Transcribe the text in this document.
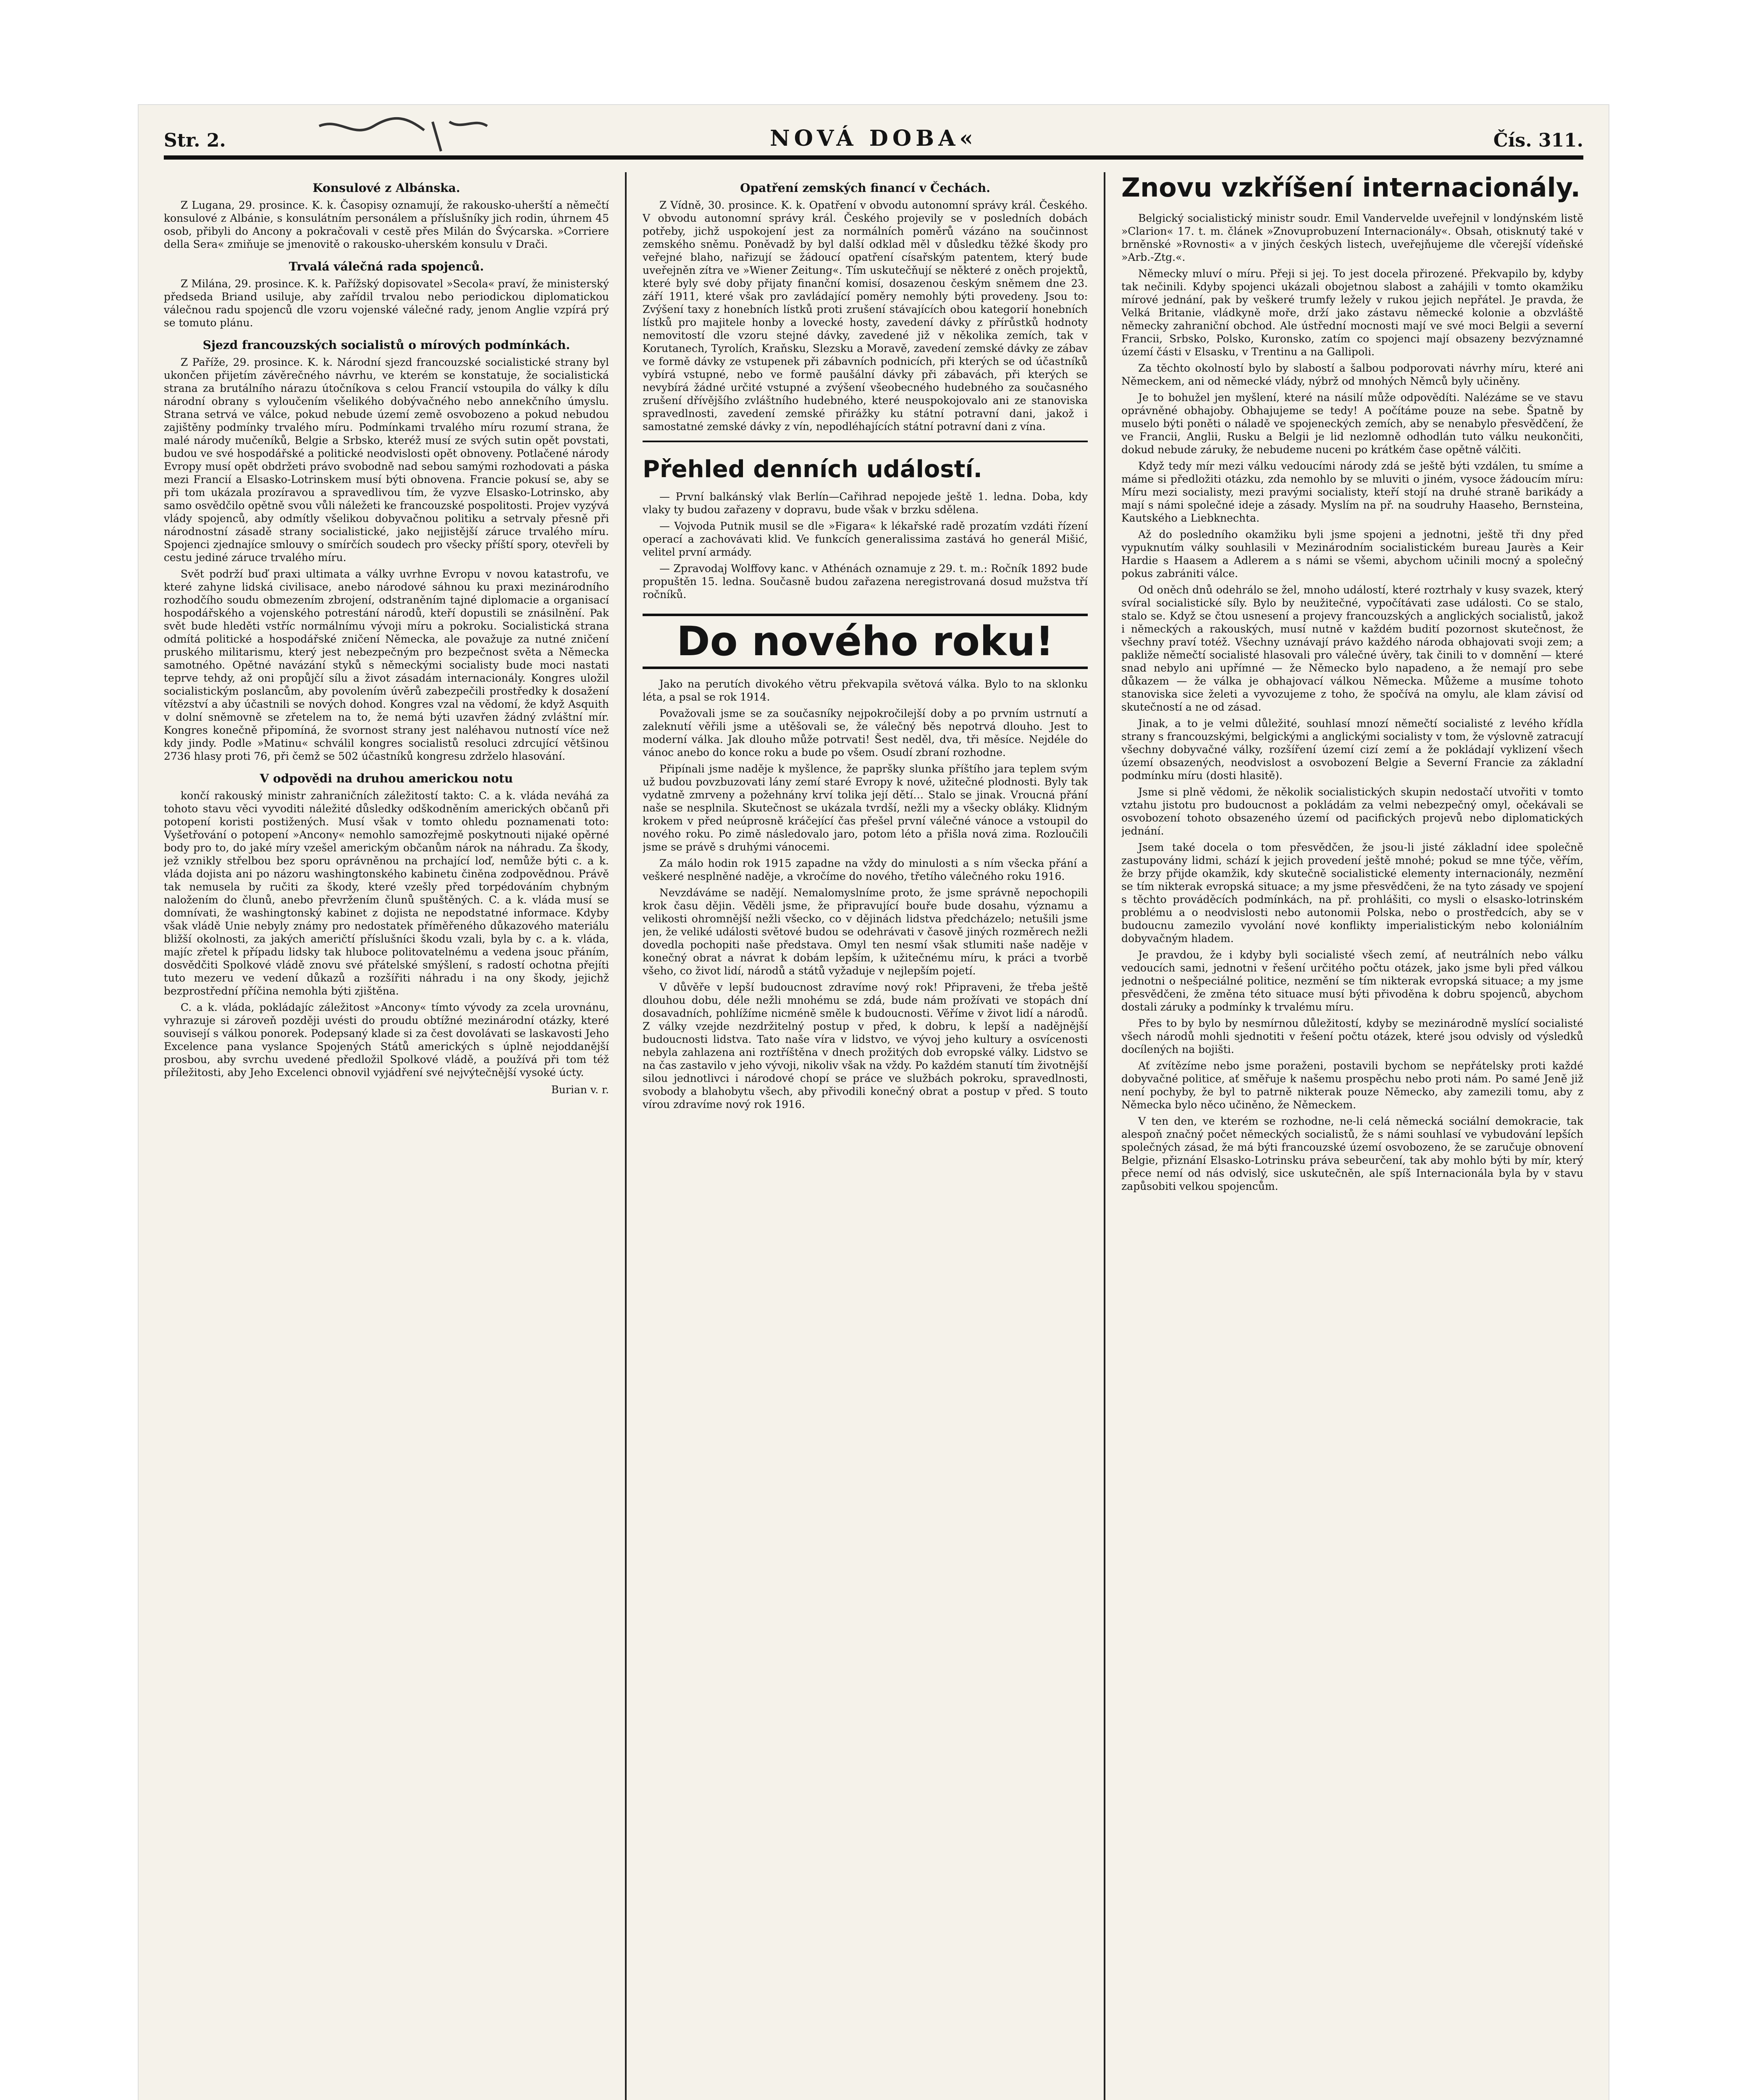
Str. 2.	NOVÁ DOBA«	Čís. 311.
Konsulové z Albánska.

Z Lugana, 29. prosince. K. k. Časopisy oznamují, že rakousko-uherští a němečtí konsulové z Albánie, s konsulátním personálem a příslušníky jich rodin, úhrnem 45 osob, přibyli do Ancony a pokračovali v cestě přes Milán do Švýcarska. »Corriere della Sera« zmiňuje se jmenovitě o rakousko-uherském konsulu v Drači.

Trvalá válečná rada spojenců.

Z Milána, 29. prosince. K. k. Pařížský dopisovatel »Secola« praví, že ministerský předseda Briand usiluje, aby zařídil trvalou nebo periodickou diplomatickou válečnou radu spojenců dle vzoru vojenské válečné rady, jenom Anglie vzpírá prý se tomuto plánu.

Sjezd francouzských socialistů o mírových podmínkách.

Z Paříže, 29. prosince. K. k. Národní sjezd francouzské socialistické strany byl ukončen přijetím závěrečného návrhu, ve kterém se konstatuje, že socialistická strana za brutálního nárazu útočníkova s celou Francií vstoupila do války k dílu národní obrany s vyloučením všelikého dobývačného nebo annekčního úmyslu. Strana setrvá ve válce, pokud nebude území země osvobozeno a pokud nebudou zajištěny podmínky trvalého míru. Podmínkami trvalého míru rozumí strana, že malé národy mučeníků, Belgie a Srbsko, kteréž musí ze svých sutin opět povstati, budou ve své hospodářské a politické neodvislosti opět obnoveny. Potlačené národy Evropy musí opět obdržeti právo svobodně nad sebou samými rozhodovati a páska mezi Francií a Elsasko-Lotrinskem musí býti obnovena. Francie pokusí se, aby se při tom ukázala prozíravou a spravedlivou tím, že vyzve Elsasko-Lotrinsko, aby samo osvědčilo opětně svou vůli náležeti ke francouzské pospolitosti. Projev vyzývá vlády spojenců, aby odmítly všelikou dobyvačnou politiku a setrvaly přesně při národnostní zásadě strany socialistické, jako nejjistější záruce trvalého míru. Spojenci zjednajíce smlouvy o smírčích soudech pro všecky příští spory, otevřeli by cestu jediné záruce trvalého míru.

Svět podrží buď praxi ultimata a války uvrhne Evropu v novou katastrofu, ve které zahyne lidská civilisace, anebo národové sáhnou ku praxi mezinárodního rozhodčího soudu obmezením zbrojení, odstraněním tajné diplomacie a organisací hospodářského a vojenského potrestání národů, kteří dopustili se znásilnění. Pak svět bude hleděti vstříc normálnímu vývoji míru a pokroku. Socialistická strana odmítá politické a hospodářské zničení Německa, ale považuje za nutné zničení pruského militarismu, který jest nebezpečným pro bezpečnost světa a Německa samotného. Opětné navázání styků s německými socialisty bude moci nastati teprve tehdy, až oni propůjčí sílu a život zásadám internacionály. Kongres uložil socialistickým poslancům, aby povolením úvěrů zabezpečili prostředky k dosažení vítězství a aby účastnili se nových dohod. Kongres vzal na vědomí, že když Asquith v dolní sněmovně se zřetelem na to, že nemá býti uzavřen žádný zvláštní mír. Kongres konečně připomíná, že svornost strany jest naléhavou nutností více než kdy jindy. Podle »Matinu« schválil kongres socialistů resoluci zdrcující většinou 2736 hlasy proti 76, při čemž se 502 účastníků kongresu zdrželo hlasování.

V odpovědi na druhou americkou notu

končí rakouský ministr zahraničních záležitostí takto: C. a k. vláda neváhá za tohoto stavu věci vyvoditi náležité důsledky odškodněním amerických občanů při potopení koristi postižených. Musí však v tomto ohledu poznamenati toto: Vyšetřování o potopení »Ancony« nemohlo samozřejmě poskytnouti nijaké opěrné body pro to, do jaké míry vzešel americkým občanům nárok na náhradu. Za škody, jež vznikly střelbou bez sporu oprávněnou na prchající loď, nemůže býti c. a k. vláda dojista ani po názoru washingtonského kabinetu činěna zodpovědnou. Právě tak nemusela by ručiti za škody, které vzešly před torpédováním chybným naložením do člunů, anebo převržením člunů spuštěných. C. a k. vláda musí se domnívati, že washingtonský kabinet z dojista ne nepodstatné informace. Kdyby však vládě Unie nebyly známy pro nedostatek příměřeného důkazového materiálu bližší okolnosti, za jakých američtí příslušníci škodu vzali, byla by c. a k. vláda, majíc zřetel k případu lidsky tak hluboce politovatelnému a vedena jsouc přáním, dosvědčiti Spolkové vládě znovu své přátelské smýšlení, s radostí ochotna přejíti tuto mezeru ve vedení důkazů a rozšířiti náhradu i na ony škody, jejichž bezprostřední příčina nemohla býti zjištěna.

C. a k. vláda, pokládajíc záležitost »Ancony« tímto vývody za zcela urovnánu, vyhrazuje si zároveň později uvésti do proudu obtížné mezinárodní otázky, které souvisejí s válkou ponorek. Podepsaný klade si za čest dovolávati se laskavosti Jeho Excelence pana vyslance Spojených Států amerických s úplně nejoddanější prosbou, aby svrchu uvedené předložil Spolkové vládě, a používá při tom též příležitosti, aby Jeho Excelenci obnovil vyjádření své nejvýtečnější vysoké úcty.

Burian v. r.
Opatření zemských financí v Čechách.

Z Vídně, 30. prosince. K. k. Opatření v obvodu autonomní správy král. Českého. V obvodu autonomní správy král. Českého projevily se v posledních dobách potřeby, jichž uspokojení jest za normálních poměrů vázáno na součinnost zemského sněmu. Poněvadž by byl další odklad měl v důsledku těžké škody pro veřejné blaho, nařizují se žádoucí opatření císařským patentem, který bude uveřejněn zítra ve »Wiener Zeitung«. Tím uskutečňují se některé z oněch projektů, které byly své doby přijaty finanční komisí, dosazenou českým sněmem dne 23. září 1911, které však pro zavládající poměry nemohly býti provedeny. Jsou to: Zvýšení taxy z honebních lístků proti zrušení stávajících obou kategorií honebních lístků pro majitele honby a lovecké hosty, zavedení dávky z přírůstků hodnoty nemovitostí dle vzoru stejné dávky, zavedené již v několika zemích, tak v Korutanech, Tyrolích, Kraňsku, Slezsku a Moravě, zavedení zemské dávky ze zábav ve formě dávky ze vstupenek při zábavních podnicích, při kterých se od účastníků vybírá vstupné, nebo ve formě paušální dávky při zábavách, při kterých se nevybírá žádné určité vstupné a zvýšení všeobecného hudebného za současného zrušení dřívějšího zvláštního hudebného, které neuspokojovalo ani ze stanoviska spravedlnosti, zavedení zemské přirážky ku státní potravní dani, jakož i samostatné zemské dávky z vín, nepodléhajících státní potravní dani z vína.

Přehled denních událostí.

— První balkánský vlak Berlín—Cařihrad nepojede ještě 1. ledna. Doba, kdy vlaky ty budou zařazeny v dopravu, bude však v brzku sdělena.

— Vojvoda Putnik musil se dle »Figara« k lékařské radě prozatím vzdáti řízení operací a zachovávati klid. Ve funkcích generalissima zastává ho generál Mišić, velitel první armády.

— Zpravodaj Wolffovy kanc. v Athénách oznamuje z 29. t. m.: Ročník 1892 bude propuštěn 15. ledna. Současně budou zařazena neregistrovaná dosud mužstva tří ročníků.

Do nového roku!

Jako na perutích divokého větru překvapila světová válka. Bylo to na sklonku léta, a psal se rok 1914.

Považovali jsme se za současníky nejpokročilejší doby a po prvním ustrnutí a zaleknutí věřili jsme a utěšovali se, že válečný běs nepotrvá dlouho. Jest to moderní válka. Jak dlouho může potrvati! Šest neděl, dva, tři měsíce. Nejdéle do vánoc anebo do konce roku a bude po všem. Osudí zbraní rozhodne.

Připínali jsme naděje k myšlence, že papršky slunka příštího jara teplem svým už budou povzbuzovati lány zemí staré Evropy k nové, užitečné plodnosti. Byly tak vydatně zmrveny a požehnány krví tolika její dětí… Stalo se jinak. Vroucná přání naše se nesplnila. Skutečnost se ukázala tvrdší, nežli my a všecky obláky. Klidným krokem v před neúprosně kráčející čas přešel první válečné vánoce a vstoupil do nového roku. Po zimě následovalo jaro, potom léto a přišla nová zima. Rozloučili jsme se právě s druhými vánocemi.

Za málo hodin rok 1915 zapadne na vždy do minulosti a s ním všecka přání a veškeré nesplněné naděje, a vkročíme do nového, třetího válečného roku 1916.

Nevzdáváme se nadějí. Nemalomyslníme proto, že jsme správně nepochopili krok času dějin. Věděli jsme, že připravující bouře bude dosahu, významu a velikosti ohromnější nežli všecko, co v dějinách lidstva předcházelo; netušili jsme jen, že veliké události světové budou se odehrávati v časově jiných rozměrech nežli dovedla pochopiti naše představa. Omyl ten nesmí však stlumiti naše naděje v konečný obrat a návrat k dobám lepším, k užitečnému míru, k práci a tvorbě všeho, co život lidí, národů a států vyžaduje v nejlepším pojetí.

V důvěře v lepší budoucnost zdravíme nový rok! Připraveni, že třeba ještě dlouhou dobu, déle nežli mnohému se zdá, bude nám prožívati ve stopách dní dosavadních, pohlížíme nicméně směle k budoucnosti. Věříme v život lidí a národů. Z války vzejde nezdržitelný postup v před, k dobru, k lepší a nadějnější budoucnosti lidstva. Tato naše víra v lidstvo, ve vývoj jeho kultury a osvícenosti nebyla zahlazena ani roztříštěna v dnech prožitých dob evropské války. Lidstvo se na čas zastavilo v jeho vývoji, nikoliv však na vždy. Po každém stanutí tím životnější silou jednotlivci i národové chopí se práce ve službách pokroku, spravedlnosti, svobody a blahobytu všech, aby přivodili konečný obrat a postup v před. S touto vírou zdravíme nový rok 1916.

Znovu vzkříšení internacionály.

Belgický socialistický ministr soudr. Emil Vandervelde uveřejnil v londýnském listě »Clarion« 17. t. m. článek »Znovuprobuzení Internacionály«. Obsah, otisknutý také v brněnské »Rovnosti« a v jiných českých listech, uveřejňujeme dle včerejší vídeňské »Arb.-Ztg.«.

Německy mluví o míru. Přeji si jej. To jest docela přirozené. Překvapilo by, kdyby tak nečinili. Kdyby spojenci ukázali obojetnou slabost a zahájili v tomto okamžiku mírové jednání, pak by veškeré trumfy ležely v rukou jejich nepřátel. Je pravda, že Velká Britanie, vládkyně moře, drží jako zástavu německé kolonie a obzvláště německy zahraniční obchod. Ale ústřední mocnosti mají ve své moci Belgii a severní Francii, Srbsko, Polsko, Kuronsko, zatím co spojenci mají obsazeny bezvýznamné území části v Elsasku, v Trentinu a na Gallipoli.

Za těchto okolností bylo by slabostí a šalbou podporovati návrhy míru, které ani Německem, ani od německé vlády, nýbrž od mnohých Němců byly učiněny.

Je to bohužel jen myšlení, které na násilí může odpovědíti. Nalézáme se ve stavu oprávněné obhajoby. Obhajujeme se tedy! A počítáme pouze na sebe. Špatně by muselo býti poněti o náladě ve spojeneckých zemích, aby se nenabylo přesvědčení, že ve Francii, Anglii, Rusku a Belgii je lid nezlomně odhodlán tuto válku neukončiti, dokud nebude záruky, že nebudeme nuceni po krátkém čase opětně válčiti.

Když tedy mír mezi válku vedoucími národy zdá se ještě býti vzdálen, tu smíme a máme si předložiti otázku, zda nemohlo by se mluviti o jiném, vysoce žádoucím míru: Míru mezi socialisty, mezi pravými socialisty, kteří stojí na druhé straně barikády a mají s námi společné ideje a zásady. Myslím na př. na soudruhy Haaseho, Bernsteina, Kautského a Liebknechta.

Až do posledního okamžiku byli jsme spojeni a jednotni, ještě tři dny před vypuknutím války souhlasili v Mezinárodním socialistickém bureau Jaurès a Keir Hardie s Haasem a Adlerem a s námi se všemi, abychom učinili mocný a společný pokus zabrániti válce.

Od oněch dnů odehrálo se žel, mnoho událostí, které roztrhaly v kusy svazek, který svíral socialistické síly. Bylo by neužitečné, vypočítávati zase události. Co se stalo, stalo se. Když se čtou usnesení a projevy francouzských a anglických socialistů, jakož i německých a rakouských, musí nutně v každém budití pozornost skutečnost, že všechny praví totéž. Všechny uznávají právo každého národa obhajovati svoji zem; a pakliže němečtí socialisté hlasovali pro válečné úvěry, tak činili to v domnění — které snad nebylo ani upřímné — že Německo bylo napadeno, a že nemají pro sebe důkazem — že válka je obhajovací válkou Německa. Můžeme a musíme tohoto stanoviska sice želeti a vyvozujeme z toho, že spočívá na omylu, ale klam závisí od skutečností a ne od zásad.

Jinak, a to je velmi důležité, souhlasí mnozí němečtí socialisté z levého křídla strany s francouzskými, belgickými a anglickými socialisty v tom, že výslovně zatracují všechny dobyvačné války, rozšíření území cizí zemí a že pokládají vyklizení všech území obsazených, neodvislost a osvobození Belgie a Severní Francie za základní podmínku míru (dosti hlasitě).

Jsme si plně vědomi, že několik socialistických skupin nedostačí utvořiti v tomto vztahu jistotu pro budoucnost a pokládám za velmi nebezpečný omyl, očekávali se osvobození tohoto obsazeného území od pacifických projevů nebo diplomatických jednání.

Jsem také docela o tom přesvědčen, že jsou-li jisté základní idee společně zastupovány lidmi, schází k jejich provedení ještě mnohé; pokud se mne týče, věřím, že brzy přijde okamžik, kdy skutečně socialistické elementy internacionály, nezmění se tím nikterak evropská situace; a my jsme přesvědčeni, že na tyto zásady ve spojení s těchto prováděcích podmínkách, na př. prohlášiti, co mysli o elsasko-lotrinském problému a o neodvislosti nebo autonomii Polska, nebo o prostředcích, aby se v budoucnu zamezilo vyvolání nové konflikty imperialistickým nebo koloniálním dobyvačným hladem.

Je pravdou, že i kdyby byli socialisté všech zemí, ať neutrálních nebo válku vedoucích sami, jednotni v řešení určitého počtu otázek, jako jsme byli před válkou jednotni o nešpeciálné politice, nezmění se tím nikterak evropská situace; a my jsme přesvědčeni, že změna této situace musí býti přivoděna k dobru spojenců, abychom dostali záruky a podmínky k trvalému míru.

Přes to by bylo by nesmírnou důležitostí, kdyby se mezinárodně myslící socialisté všech národů mohli sjednotiti v řešení počtu otázek, které jsou odvisly od výsledků docílených na bojišti.

Ať zvítězíme nebo jsme poraženi, postavili bychom se nepřátelsky proti každé dobyvačné politice, ať směřuje k našemu prospěchu nebo proti nám. Po samé Jeně již není pochyby, že byl to patrně nikterak pouze Německo, aby zamezili tomu, aby z Německa bylo něco učiněno, že Německem.

V ten den, ve kterém se rozhodne, ne-li celá německá sociální demokracie, tak alespoň značný počet německých socialistů, že s námi souhlasí ve vybudování lepších společných zásad, že má býti francouzské území osvobozeno, že se zaručuje obnovení Belgie, přiznání Elsasko-Lotrinsku práva sebeurčení, tak aby mohlo býti by mír, který přece nemí od nás odvislý, sice uskutečněn, ale spíš Internacionála byla by v stavu zapůsobiti velkou spojencům.
